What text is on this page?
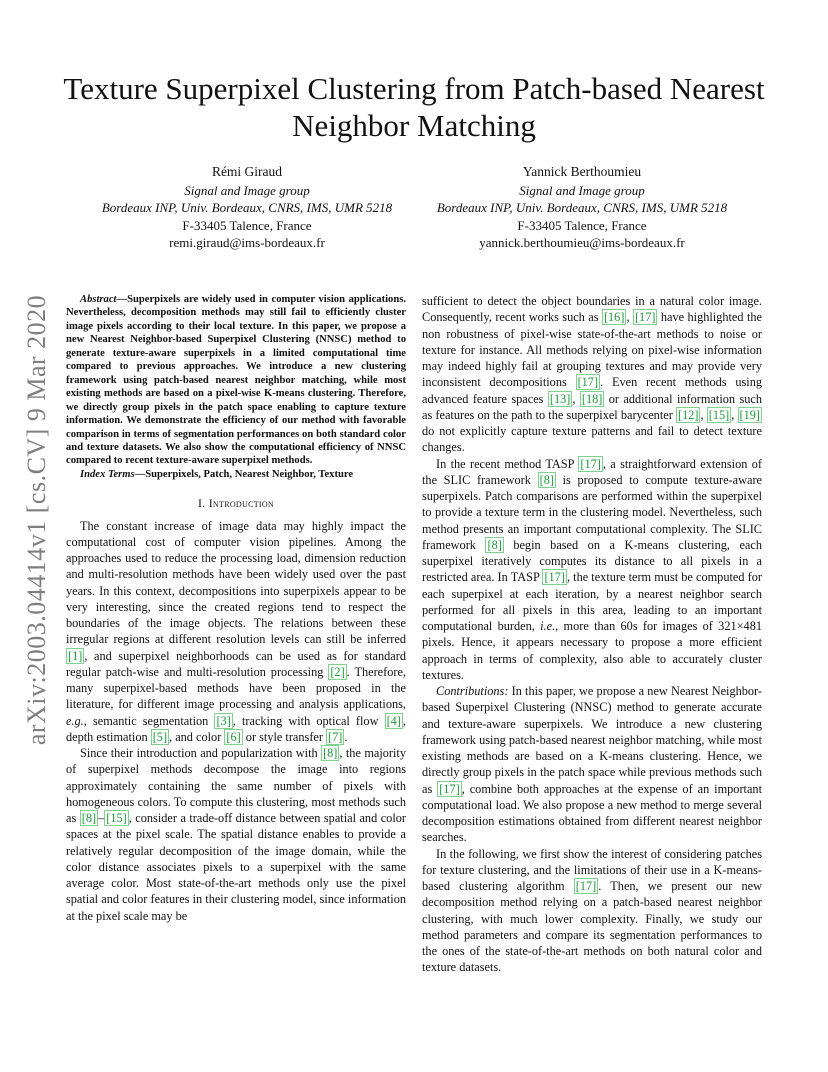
arXiv:2003.04414v1 [cs.CV] 9 Mar 2020
Texture Superpixel Clustering from Patch-based Nearest Neighbor Matching
Rémi Giraud
Signal and Image group
Bordeaux INP, Univ. Bordeaux, CNRS, IMS, UMR 5218
F-33405 Talence, France
remi.giraud@ims-bordeaux.fr
Yannick Berthoumieu
Signal and Image group
Bordeaux INP, Univ. Bordeaux, CNRS, IMS, UMR 5218
F-33405 Talence, France
yannick.berthoumieu@ims-bordeaux.fr

Abstract—Superpixels are widely used in computer vision applications. Nevertheless, decomposition methods may still fail to efficiently cluster image pixels according to their local texture. In this paper, we propose a new Nearest Neighbor-based Superpixel Clustering (NNSC) method to generate texture-aware superpixels in a limited computational time compared to previous approaches. We introduce a new clustering framework using patch-based nearest neighbor matching, while most existing methods are based on a pixel-wise K-means clustering. Therefore, we directly group pixels in the patch space enabling to capture texture information. We demonstrate the efficiency of our method with favorable comparison in terms of segmentation performances on both standard color and texture datasets. We also show the computational efficiency of NNSC compared to recent texture-aware superpixel methods.

Index Terms—Superpixels, Patch, Nearest Neighbor, Texture

I. Introduction

The constant increase of image data may highly impact the computational cost of computer vision pipelines. Among the approaches used to reduce the processing load, dimension reduction and multi-resolution methods have been widely used over the past years. In this context, decompositions into superpixels appear to be very interesting, since the created regions tend to respect the boundaries of the image objects. The relations between these irregular regions at different resolution levels can still be inferred [1] , and superpixel neighborhoods can be used as for standard regular patch-wise and multi-resolution processing [2] . Therefore, many superpixel-based methods have been proposed in the literature, for different image processing and analysis applications, e.g., semantic segmentation [3] , tracking with optical flow [4] , depth estimation [5] , and color [6] or style transfer [7] .

Since their introduction and popularization with [8] , the majority of superpixel methods decompose the image into regions approximately containing the same number of pixels with homogeneous colors. To compute this clustering, most methods such as [8] – [15] , consider a trade-off distance between spatial and color spaces at the pixel scale. The spatial distance enables to provide a relatively regular decomposition of the image domain, while the color distance associates pixels to a superpixel with the same average color. Most state-of-the-art methods only use the pixel spatial and color features in their clustering model, since information at the pixel scale may be

sufficient to detect the object boundaries in a natural color image. Consequently, recent works such as [16] , [17] have highlighted the non robustness of pixel-wise state-of-the-art methods to noise or texture for instance. All methods relying on pixel-wise information may indeed highly fail at grouping textures and may provide very inconsistent decompositions [17] . Even recent methods using advanced feature spaces [13] , [18] or additional information such as features on the path to the superpixel barycenter [12] , [15] , [19] do not explicitly capture texture patterns and fail to detect texture changes.

In the recent method TASP [17] , a straightforward extension of the SLIC framework [8] is proposed to compute texture-aware superpixels. Patch comparisons are performed within the superpixel to provide a texture term in the clustering model. Nevertheless, such method presents an important computational complexity. The SLIC framework [8] begin based on a K-means clustering, each superpixel iteratively computes its distance to all pixels in a restricted area. In TASP [17] , the texture term must be computed for each superpixel at each iteration, by a nearest neighbor search performed for all pixels in this area, leading to an important computational burden, i.e., more than 60s for images of 321×481 pixels. Hence, it appears necessary to propose a more efficient approach in terms of complexity, also able to accurately cluster textures.

Contributions: In this paper, we propose a new Nearest Neighbor-based Superpixel Clustering (NNSC) method to generate accurate and texture-aware superpixels. We introduce a new clustering framework using patch-based nearest neighbor matching, while most existing methods are based on a K-means clustering. Hence, we directly group pixels in the patch space while previous methods such as [17] , combine both approaches at the expense of an important computational load. We also propose a new method to merge several decomposition estimations obtained from different nearest neighbor searches.

In the following, we first show the interest of considering patches for texture clustering, and the limitations of their use in a K-means-based clustering algorithm [17] . Then, we present our new decomposition method relying on a patch-based nearest neighbor clustering, with much lower complexity. Finally, we study our method parameters and compare its segmentation performances to the ones of the state-of-the-art methods on both natural color and texture datasets.
